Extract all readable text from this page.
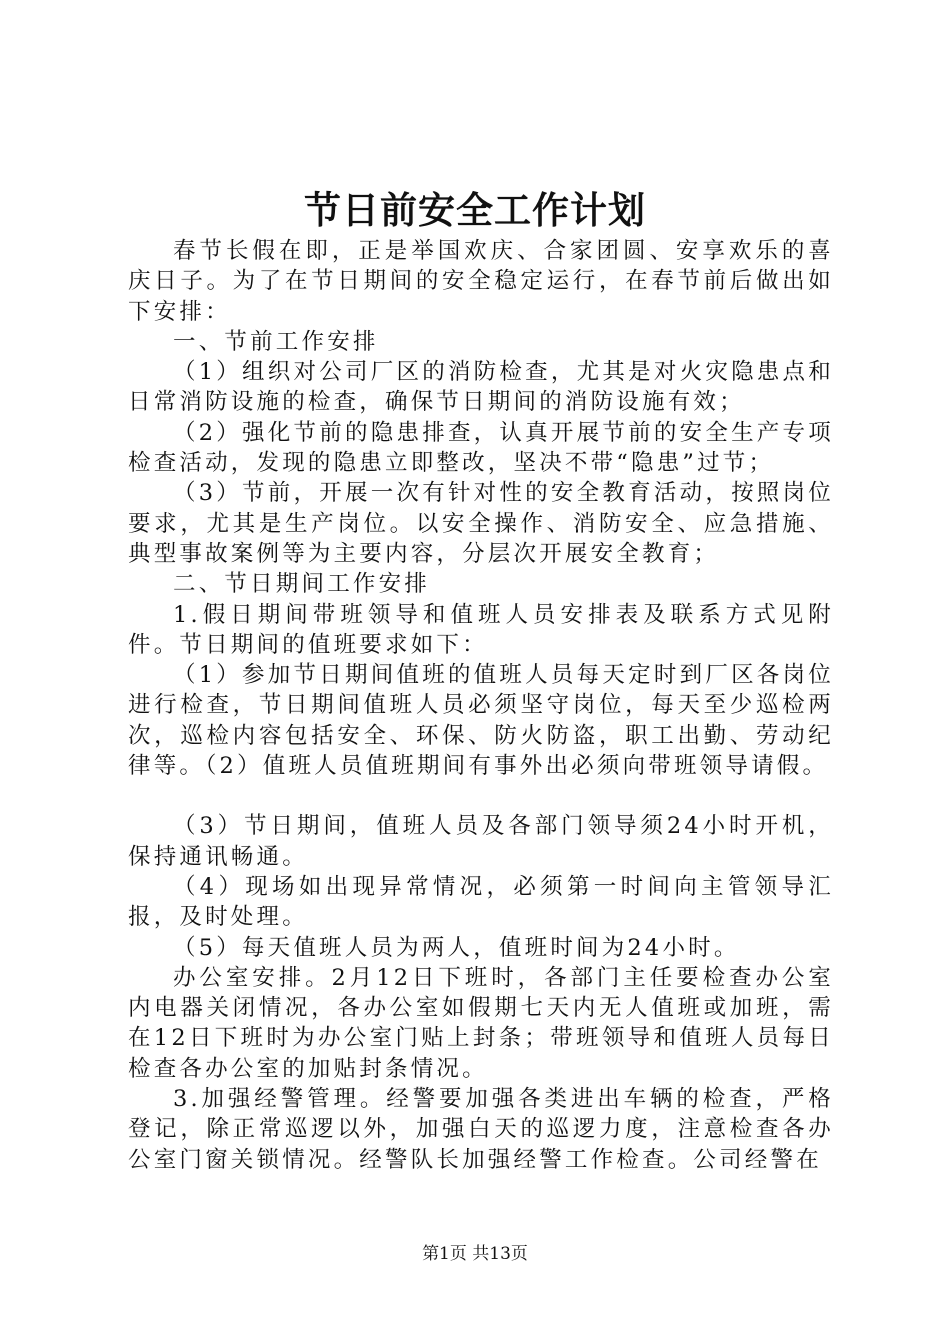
节日前安全工作计划

春节长假在即，正是举国欢庆、合家团圆、安享欢乐的喜庆日子。为了在节日期间的安全稳定运行，在春节前后做出如下安排：

一、节前工作安排

（1）组织对公司厂区的消防检查，尤其是对火灾隐患点和日常消防设施的检查，确保节日期间的消防设施有效；

（2）强化节前的隐患排查，认真开展节前的安全生产专项检查活动，发现的隐患立即整改，坚决不带“隐患”过节；

（3）节前，开展一次有针对性的安全教育活动，按照岗位要求，尤其是生产岗位。以安全操作、消防安全、应急措施、典型事故案例等为主要内容，分层次开展安全教育；

二、节日期间工作安排

1.假日期间带班领导和值班人员安排表及联系方式见附件。节日期间的值班要求如下：

（1）参加节日期间值班的值班人员每天定时到厂区各岗位进行检查，节日期间值班人员必须坚守岗位，每天至少巡检两次，巡检内容包括安全、环保、防火防盗，职工出勤、劳动纪律等。（2）值班人员值班期间有事外出必须向带班领导请假。

（3）节日期间，值班人员及各部门领导须24小时开机，保持通讯畅通。

（4）现场如出现异常情况，必须第一时间向主管领导汇报，及时处理。

（5）每天值班人员为两人，值班时间为24小时。

办公室安排。2月12日下班时，各部门主任要检查办公室内电器关闭情况，各办公室如假期七天内无人值班或加班，需在12日下班时为办公室门贴上封条；带班领导和值班人员每日检查各办公室的加贴封条情况。

3.加强经警管理。经警要加强各类进出车辆的检查，严格登记，除正常巡逻以外，加强白天的巡逻力度，注意检查各办公室门窗关锁情况。经警队长加强经警工作检查。公司经警在

第1页 共13页
